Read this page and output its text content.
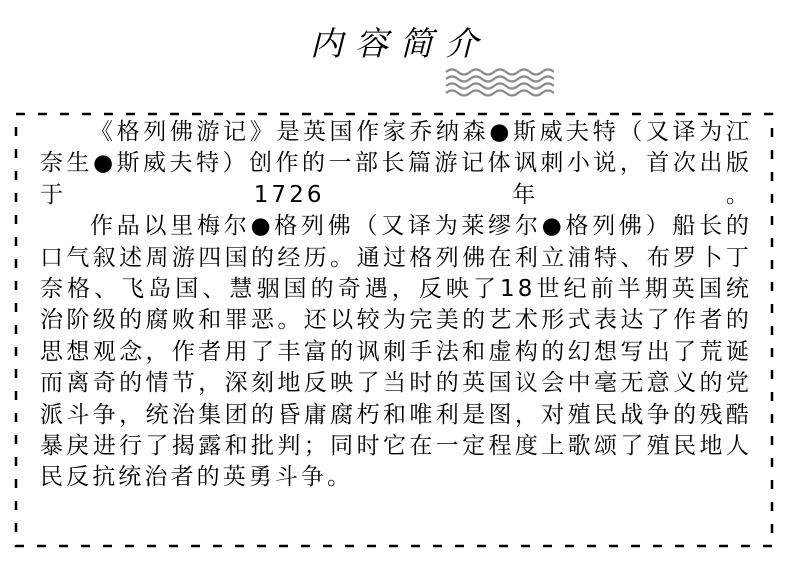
内容简介

《格列佛游记》是英国作家乔纳森●斯威夫特（又译为江奈生●斯威夫特）创作的一部长篇游记体讽刺小说，首次出版于1726年。

作品以里梅尔●格列佛（又译为莱缪尔●格列佛）船长的口气叙述周游四国的经历。通过格列佛在利立浦特、布罗卜丁奈格、飞岛国、慧骃国的奇遇，反映了18世纪前半期英国统治阶级的腐败和罪恶。还以较为完美的艺术形式表达了作者的思想观念，作者用了丰富的讽刺手法和虚构的幻想写出了荒诞而离奇的情节，深刻地反映了当时的英国议会中毫无意义的党派斗争，统治集团的昏庸腐朽和唯利是图，对殖民战争的残酷暴戾进行了揭露和批判；同时它在一定程度上歌颂了殖民地人民反抗统治者的英勇斗争。
